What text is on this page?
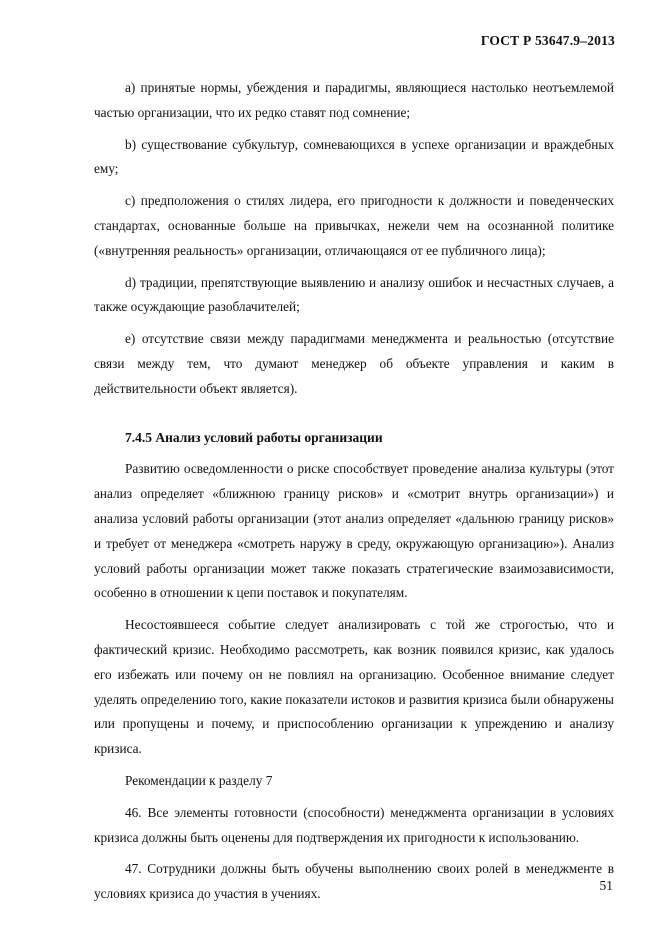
ГОСТ Р 53647.9–2013

a) принятые нормы, убеждения и парадигмы, являющиеся настолько неотъемлемой частью организации, что их редко ставят под сомнение;

b) существование субкультур, сомневающихся в успехе организации и враждебных ему;

c) предположения о стилях лидера, его пригодности к должности и поведенческих стандартах, основанные больше на привычках, нежели чем на осознанной политике («внутренняя реальность» организации, отличающаяся от ее публичного лица);

d) традиции, препятствующие выявлению и анализу ошибок и несчастных случаев, а также осуждающие разоблачителей;

e) отсутствие связи между парадигмами менеджмента и реальностью (отсутствие связи между тем, что думают менеджер об объекте управления и каким в действительности объект является).

7.4.5 Анализ условий работы организации

Развитию осведомленности о риске способствует проведение анализа культуры (этот анализ определяет «ближнюю границу рисков» и «смотрит внутрь организации») и анализа условий работы организации (этот анализ определяет «дальнюю границу рисков» и требует от менеджера «смотреть наружу в среду, окружающую организацию»). Анализ условий работы организации может также показать стратегические взаимозависимости, особенно в отношении к цепи поставок и покупателям.

Несостоявшееся событие следует анализировать с той же строгостью, что и фактический кризис. Необходимо рассмотреть, как возник появился кризис, как удалось его избежать или почему он не повлиял на организацию. Особенное внимание следует уделять определению того, какие показатели истоков и развития кризиса были обнаружены или пропущены и почему, и приспособлению организации к упреждению и анализу кризиса.

Рекомендации к разделу 7

46. Все элементы готовности (способности) менеджмента организации в условиях кризиса должны быть оценены для подтверждения их пригодности к использованию.

47. Сотрудники должны быть обучены выполнению своих ролей в менеджменте в условиях кризиса до участия в учениях.

51
